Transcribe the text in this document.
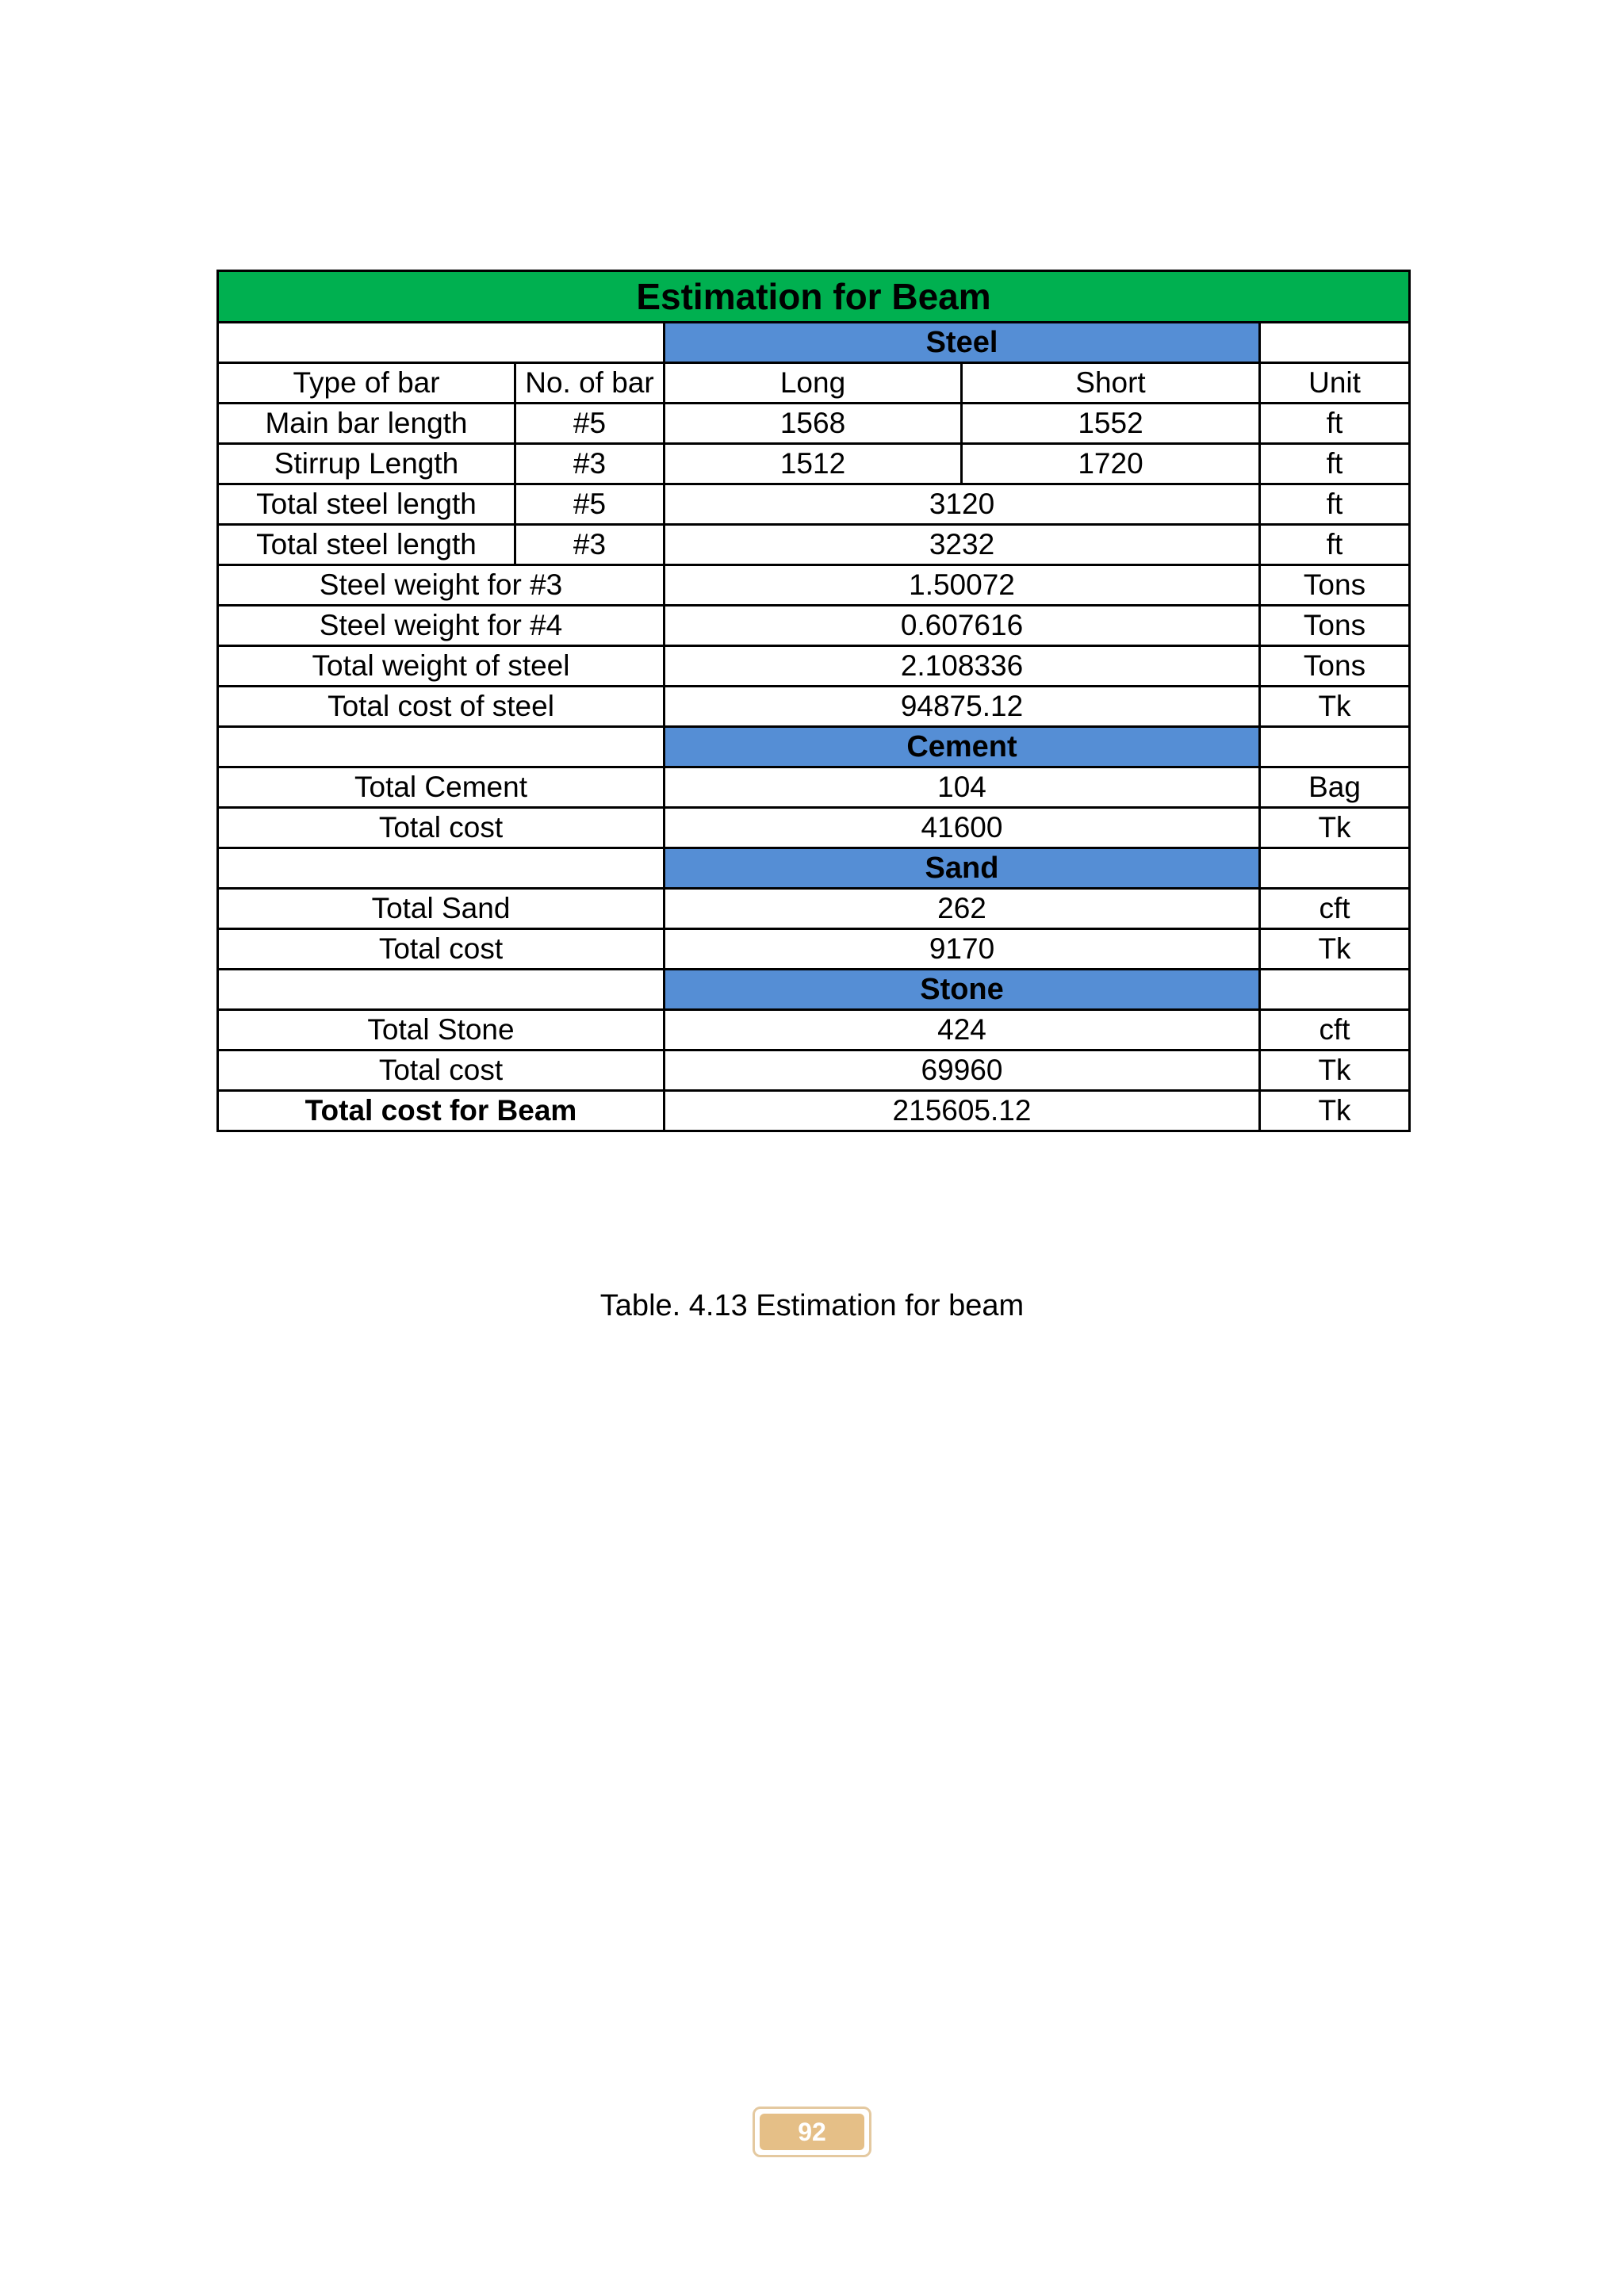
Estimation for Beam				
		Steel		
Type of bar	No. of bar	Long	Short	Unit
Main bar length	#5	1568	1552	ft
Stirrup Length	#3	1512	1720	ft
Total steel length	#5	3120		ft
Total steel length	#3	3232		ft
Steel weight for #3		1.50072		Tons
Steel weight for #4		0.607616		Tons
Total weight of steel		2.108336		Tons
Total cost of steel		94875.12		Tk
		Cement		
Total Cement		104		Bag
Total cost		41600		Tk
		Sand		
Total Sand		262		cft
Total cost		9170		Tk
		Stone		
Total Stone		424		cft
Total cost		69960		Tk
Total cost for Beam		215605.12		Tk
Table. 4.13 Estimation for beam
92
